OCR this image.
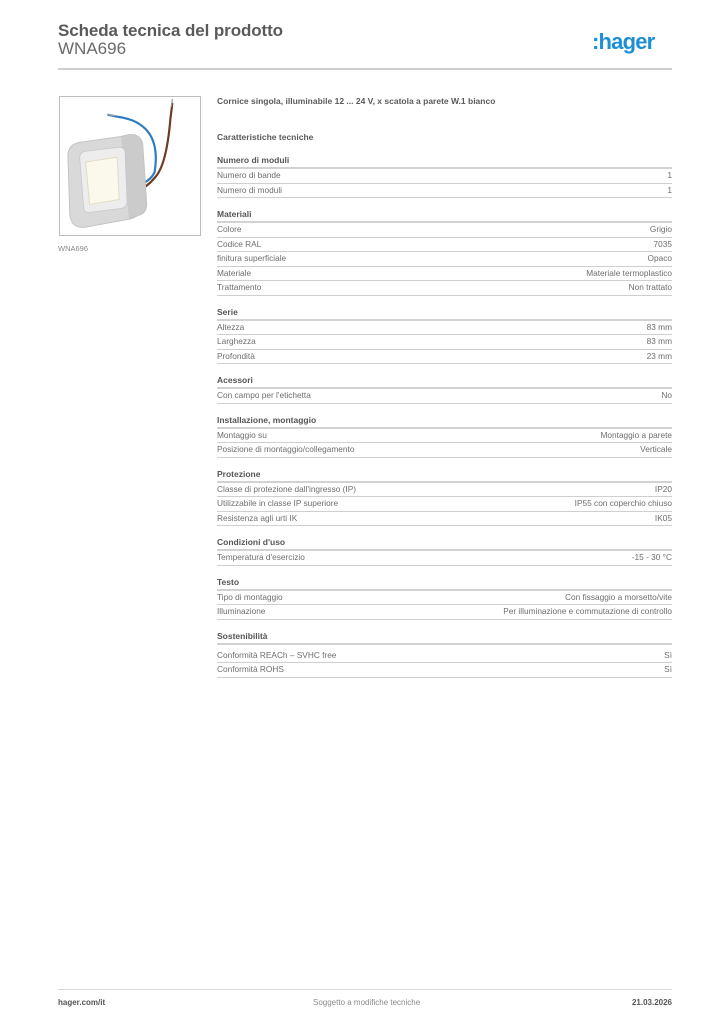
Scheda tecnica del prodotto
WNA696	:hager
WNA696
Cornice singola, illuminabile 12 ... 24 V, x scatola a parete W.1 bianco
Caratteristiche tecniche
Numero di moduli
Numero di bande	1
Numero di moduli	1
Materiali
Colore	Grigio
Codice RAL	7035
finitura superficiale	Opaco
Materiale	Materiale termoplastico
Trattamento	Non trattato
Serie
Altezza	83 mm
Larghezza	83 mm
Profondità	23 mm
Acessori
Con campo per l'etichetta	No
Installazione, montaggio
Montaggio su	Montaggio a parete
Posizione di montaggio/collegamento	Verticale
Protezione
Classe di protezione dall'ingresso (IP)	IP20
Utilizzabile in classe IP superiore	IP55 con coperchio chiuso
Resistenza agli urti IK	IK05
Condizioni d'uso
Temperatura d'esercizio	-15 - 30 °C
Testo
Tipo di montaggio	Con fissaggio a morsetto/vite
Illuminazione	Per illuminazione e commutazione di controllo
Sostenibilità
Conformità REACh – SVHC free	Sì
Conformità ROHS	Sì
hager.com/it	Soggetto a modifiche tecniche	21.03.2026
